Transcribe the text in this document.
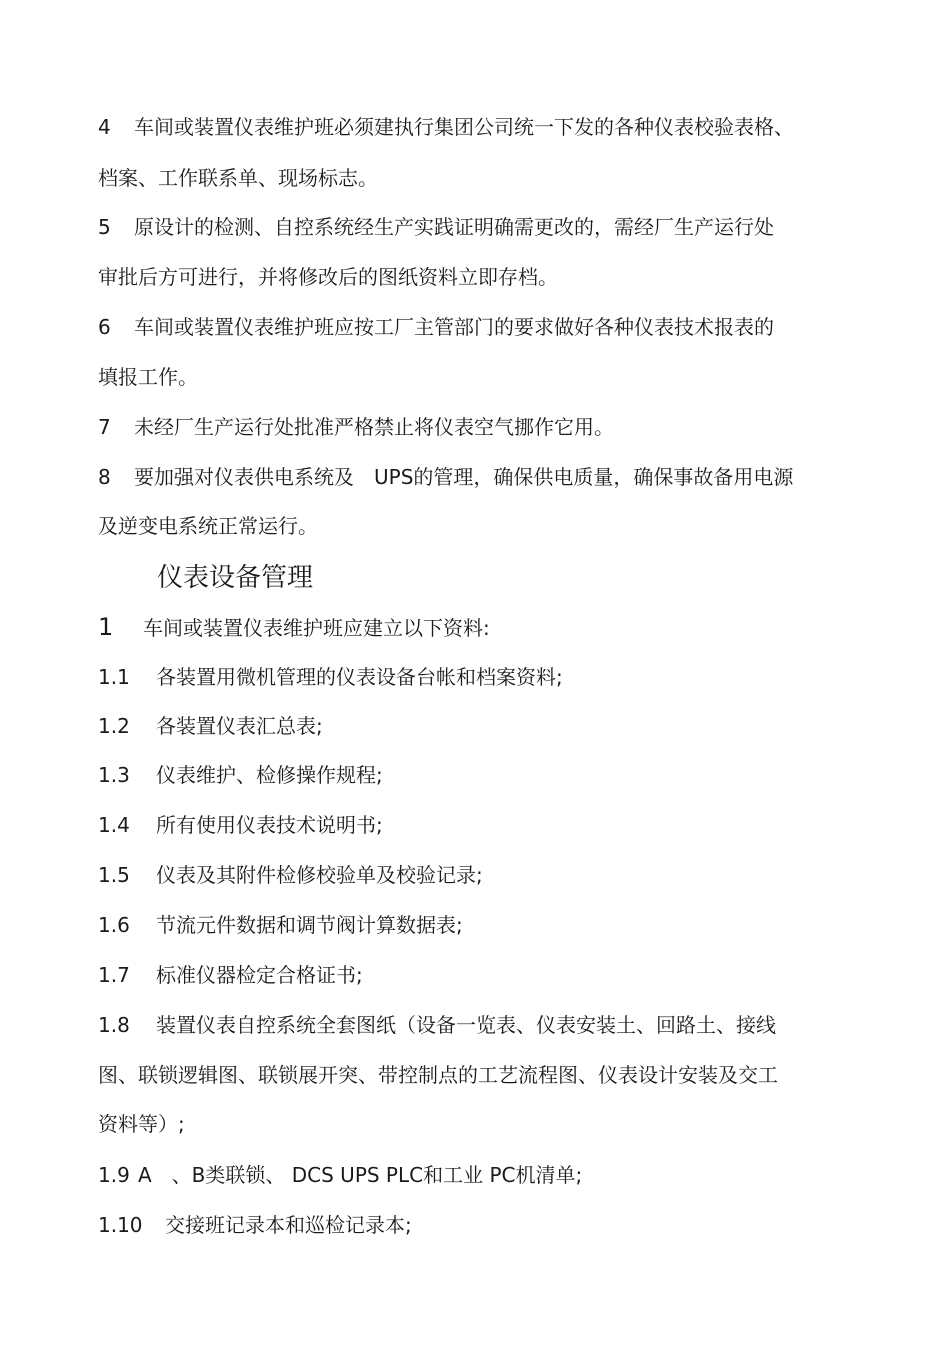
4 车间或装置仪表维护班必须建执行集团公司统一下发的各种仪表校验表格、
档案、工作联系单、现场标志。
5 原设计的检测、自控系统经生产实践证明确需更改的，需经厂生产运行处
审批后方可进行，并将修改后的图纸资料立即存档。
6 车间或装置仪表维护班应按工厂主管部门的要求做好各种仪表技术报表的
填报工作。
7 未经厂生产运行处批准严格禁止将仪表空气挪作它用。
8 要加强对仪表供电系统及　UPS的管理，确保供电质量，确保事故备用电源
及逆变电系统正常运行。
仪表设备管理
1 车间或装置仪表维护班应建立以下资料:
1.1 各装置用微机管理的仪表设备台帐和档案资料;
1.2 各装置仪表汇总表;
1.3 仪表维护、检修操作规程;
1.4 所有使用仪表技术说明书;
1.5 仪表及其附件检修校验单及校验记录;
1.6 节流元件数据和调节阀计算数据表;
1.7 标准仪器检定合格证书;
1.8 装置仪表自控系统全套图纸（设备一览表、仪表安装土、回路土、接线
图、联锁逻辑图、联锁展开突、带控制点的工艺流程图、仪表设计安装及交工
资料等）;
1.9 A　、B类联锁、 DCS UPS PLC和工业 PC机清单;
1.10 交接班记录本和巡检记录本;
